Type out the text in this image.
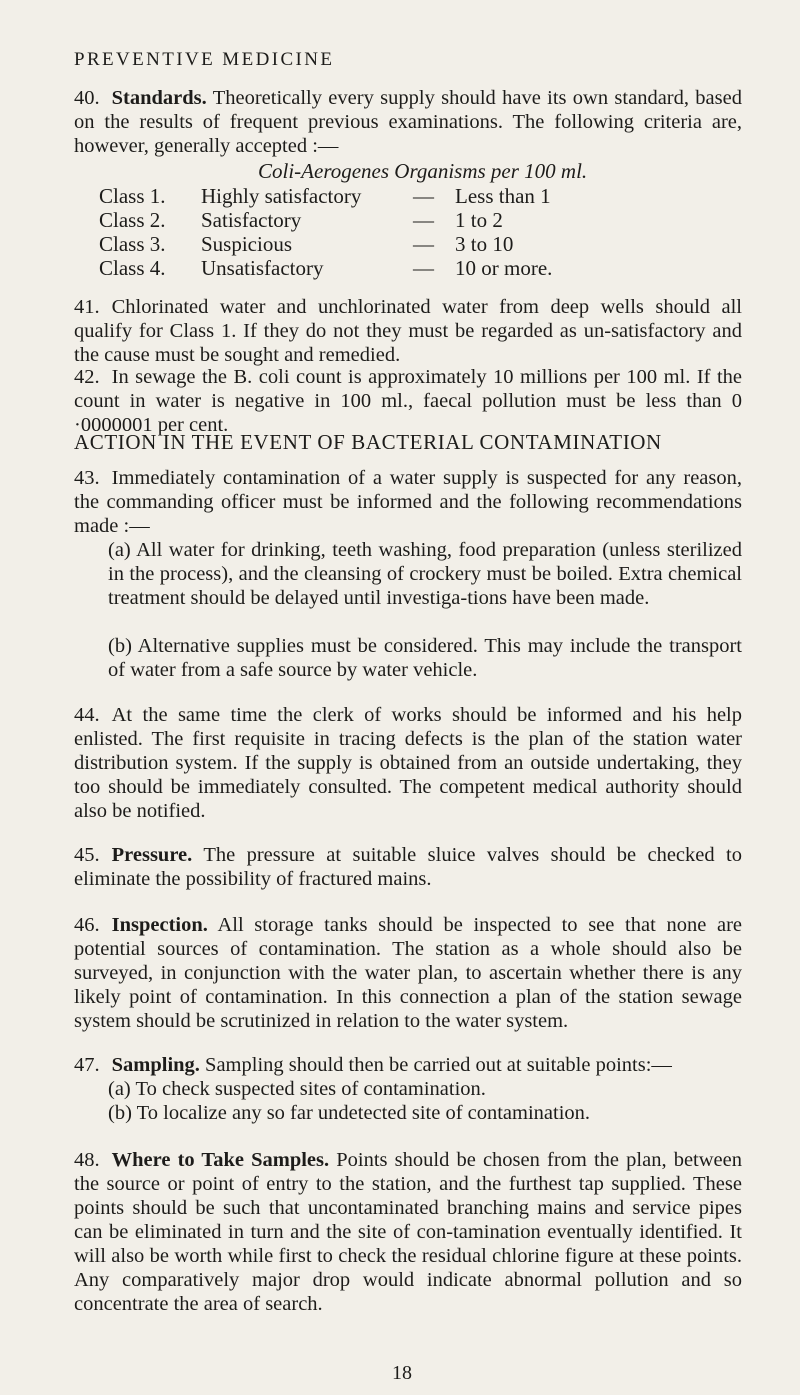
PREVENTIVE MEDICINE

40. Standards. Theoretically every supply should have its own standard, based on the results of frequent previous examinations. The following criteria are, however, generally accepted :—

Coli-Aerogenes Organisms per 100 ml.
Class 1. Highly satisfactory — Less than 1
Class 2. Satisfactory	— 1 to 2
Class 3. Suspicious	— 3 to 10
Class 4. Unsatisfactory	— 10 or more.

41. Chlorinated water and unchlorinated water from deep wells should all qualify for Class 1. If they do not they must be regarded as un-satisfactory and the cause must be sought and remedied.

42. In sewage the B. coli count is approximately 10 millions per 100 ml. If the count in water is negative in 100 ml., faecal pollution must be less than 0 ·0000001 per cent.

ACTION IN THE EVENT OF BACTERIAL CONTAMINATION

43. Immediately contamination of a water supply is suspected for any reason, the commanding officer must be informed and the following recommendations made :—

(a) All water for drinking, teeth washing, food preparation (unless sterilized in the process), and the cleansing of crockery must be boiled. Extra chemical treatment should be delayed until investiga-tions have been made.

(b) Alternative supplies must be considered. This may include the transport of water from a safe source by water vehicle.

44. At the same time the clerk of works should be informed and his help enlisted. The first requisite in tracing defects is the plan of the station water distribution system. If the supply is obtained from an outside undertaking, they too should be immediately consulted. The competent medical authority should also be notified.

45. Pressure. The pressure at suitable sluice valves should be checked to eliminate the possibility of fractured mains.

46. Inspection. All storage tanks should be inspected to see that none are potential sources of contamination. The station as a whole should also be surveyed, in conjunction with the water plan, to ascertain whether there is any likely point of contamination. In this connection a plan of the station sewage system should be scrutinized in relation to the water system.

47. Sampling. Sampling should then be carried out at suitable points:—

(a) To check suspected sites of contamination.

(b) To localize any so far undetected site of contamination.

48. Where to Take Samples. Points should be chosen from the plan, between the source or point of entry to the station, and the furthest tap supplied. These points should be such that uncontaminated branching mains and service pipes can be eliminated in turn and the site of con-tamination eventually identified. It will also be worth while first to check the residual chlorine figure at these points. Any comparatively major drop would indicate abnormal pollution and so concentrate the area of search.

18
